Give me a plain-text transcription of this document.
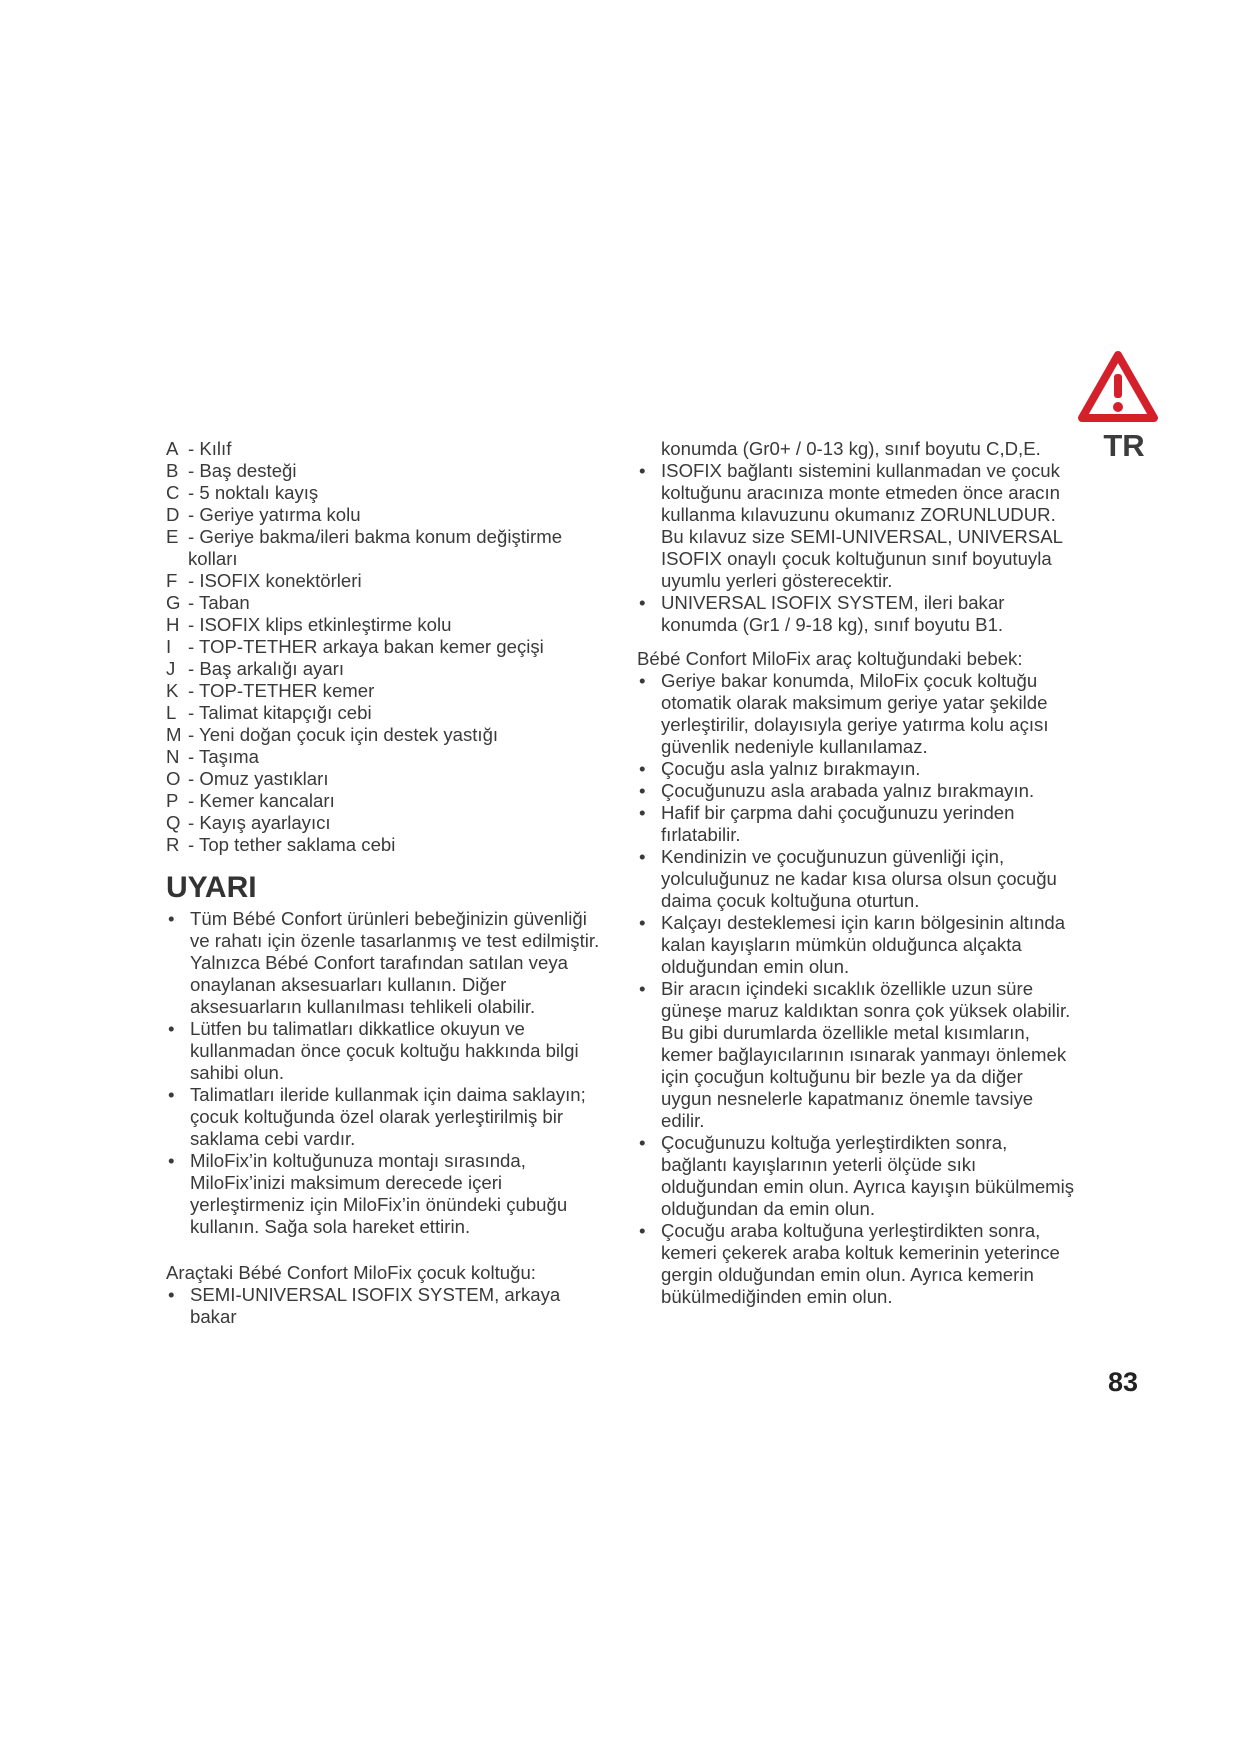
TR
A - Kılıf
B - Baş desteği
C - 5 noktalı kayış
D - Geriye yatırma kolu
E - Geriye bakma/ileri bakma konum değiştirme kolları
F - ISOFIX konektörleri
G - Taban
H - ISOFIX klips etkinleştirme kolu
I - TOP-TETHER arkaya bakan kemer geçişi
J - Baş arkalığı ayarı
K - TOP-TETHER kemer
L - Talimat kitapçığı cebi
M - Yeni doğan çocuk için destek yastığı
N - Taşıma
O - Omuz yastıkları
P - Kemer kancaları
Q - Kayış ayarlayıcı
R - Top tether saklama cebi
UYARI
• Tüm Bébé Confort ürünleri bebeğinizin güvenliği ve rahatı için özenle tasarlanmış ve test edilmiştir. Yalnızca Bébé Confort tarafından satılan veya onaylanan aksesuarları kullanın. Diğer aksesuarların kullanılması tehlikeli olabilir.
• Lütfen bu talimatları dikkatlice okuyun ve kullanmadan önce çocuk koltuğu hakkında bilgi sahibi olun.
• Talimatları ileride kullanmak için daima saklayın; çocuk koltuğunda özel olarak yerleştirilmiş bir saklama cebi vardır.
• MiloFix’in koltuğunuza montajı sırasında, MiloFix’inizi maksimum derecede içeri yerleştirmeniz için MiloFix’in önündeki çubuğu kullanın. Sağa sola hareket ettirin.

Araçtaki Bébé Confort MiloFix çocuk koltuğu:

• SEMI-UNIVERSAL ISOFIX SYSTEM, arkaya bakar

konumda (Gr0+ / 0-13 kg), sınıf boyutu C,D,E.

• ISOFIX bağlantı sistemini kullanmadan ve çocuk koltuğunu aracınıza monte etmeden önce aracın kullanma kılavuzunu okumanız ZORUNLUDUR. Bu kılavuz size SEMI-UNIVERSAL, UNIVERSAL ISOFIX onaylı çocuk koltuğunun sınıf boyutuyla uyumlu yerleri gösterecektir.
• UNIVERSAL ISOFIX SYSTEM, ileri bakar konumda (Gr1 / 9-18 kg), sınıf boyutu B1.

Bébé Confort MiloFix araç koltuğundaki bebek:

• Geriye bakar konumda, MiloFix çocuk koltuğu otomatik olarak maksimum geriye yatar şekilde yerleştirilir, dolayısıyla geriye yatırma kolu açısı güvenlik nedeniyle kullanılamaz.
• Çocuğu asla yalnız bırakmayın.
• Çocuğunuzu asla arabada yalnız bırakmayın.
• Hafif bir çarpma dahi çocuğunuzu yerinden fırlatabilir.
• Kendinizin ve çocuğunuzun güvenliği için, yolculuğunuz ne kadar kısa olursa olsun çocuğu daima çocuk koltuğuna oturtun.
• Kalçayı desteklemesi için karın bölgesinin altında kalan kayışların mümkün olduğunca alçakta olduğundan emin olun.
• Bir aracın içindeki sıcaklık özellikle uzun süre güneşe maruz kaldıktan sonra çok yüksek olabilir. Bu gibi durumlarda özellikle metal kısımların, kemer bağlayıcılarının ısınarak yanmayı önlemek için çocuğun koltuğunu bir bezle ya da diğer uygun nesnelerle kapatmanız önemle tavsiye edilir.
• Çocuğunuzu koltuğa yerleştirdikten sonra, bağlantı kayışlarının yeterli ölçüde sıkı olduğundan emin olun. Ayrıca kayışın bükülmemiş olduğundan da emin olun.
• Çocuğu araba koltuğuna yerleştirdikten sonra, kemeri çekerek araba koltuk kemerinin yeterince gergin olduğundan emin olun. Ayrıca kemerin bükülmediğinden emin olun.
83
